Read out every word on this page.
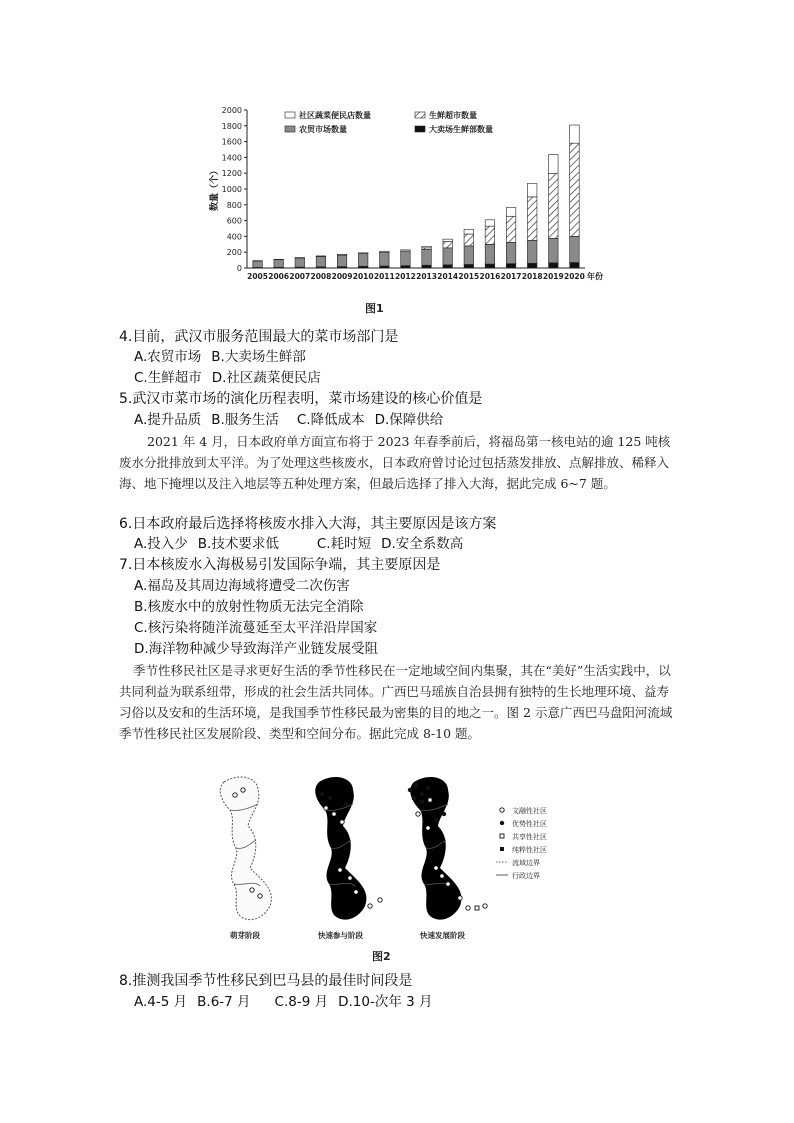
0
200
400
600
800
1000
1200
1400
1600
1800
2000
2005 2006 2007 2008 2009 2010 2011 2012 2013 2014 2015 2016 2017 2018 2019 2020
社区蔬菜便民店数量	生鲜超市数量
农贸市场数量	大卖场生鲜部数量
数量（个）
年份
图1
4.目前，武汉市服务范围最大的菜市场部门是
A.农贸市场 B.大卖场生鲜部
C.生鲜超市 D.社区蔬菜便民店
5.武汉市菜市场的演化历程表明，菜市场建设的核心价值是
A.提升品质 B.服务生活 C.降低成本 D.保障供给
2021 年 4 月，日本政府单方面宣布将于 2023 年春季前后，将福岛第一核电站的逾 125 吨核废水分批排放到太平洋。为了处理这些核废水，日本政府曾讨论过包括蒸发排放、点解排放、稀释入海、地下掩埋以及注入地层等五种处理方案，但最后选择了排入大海，据此完成 6~7 题。
6.日本政府最后选择将核废水排入大海，其主要原因是该方案
A.投入少 B.技术要求低	C.耗时短 D.安全系数高
7.日本核废水入海极易引发国际争端，其主要原因是
A.福岛及其周边海域将遭受二次伤害
B.核废水中的放射性物质无法完全消除
C.核污染将随洋流蔓延至太平洋沿岸国家
D.海洋物种减少导致海洋产业链发展受阻
季节性移民社区是寻求更好生活的季节性移民在一定地域空间内集聚，其在“美好”生活实践中，以共同利益为联系纽带，形成的社会生活共同体。广西巴马瑶族自治县拥有独特的生长地理环境、益寿习俗以及安和的生活环境，是我国季节性移民最为密集的目的地之一。图 2 示意广西巴马盘阳河流域季节性移民社区发展阶段、类型和空间分布。据此完成 8-10 题。
文融性社区
优势性社区
共享性社区
纯粹性社区
流域边界
行政边界
萌芽阶段	快速参与阶段	快速发展阶段
图2
8.推测我国季节性移民到巴马县的最佳时间段是
A.4-5 月 B.6-7 月 C.8-9 月 D.10-次年 3 月
